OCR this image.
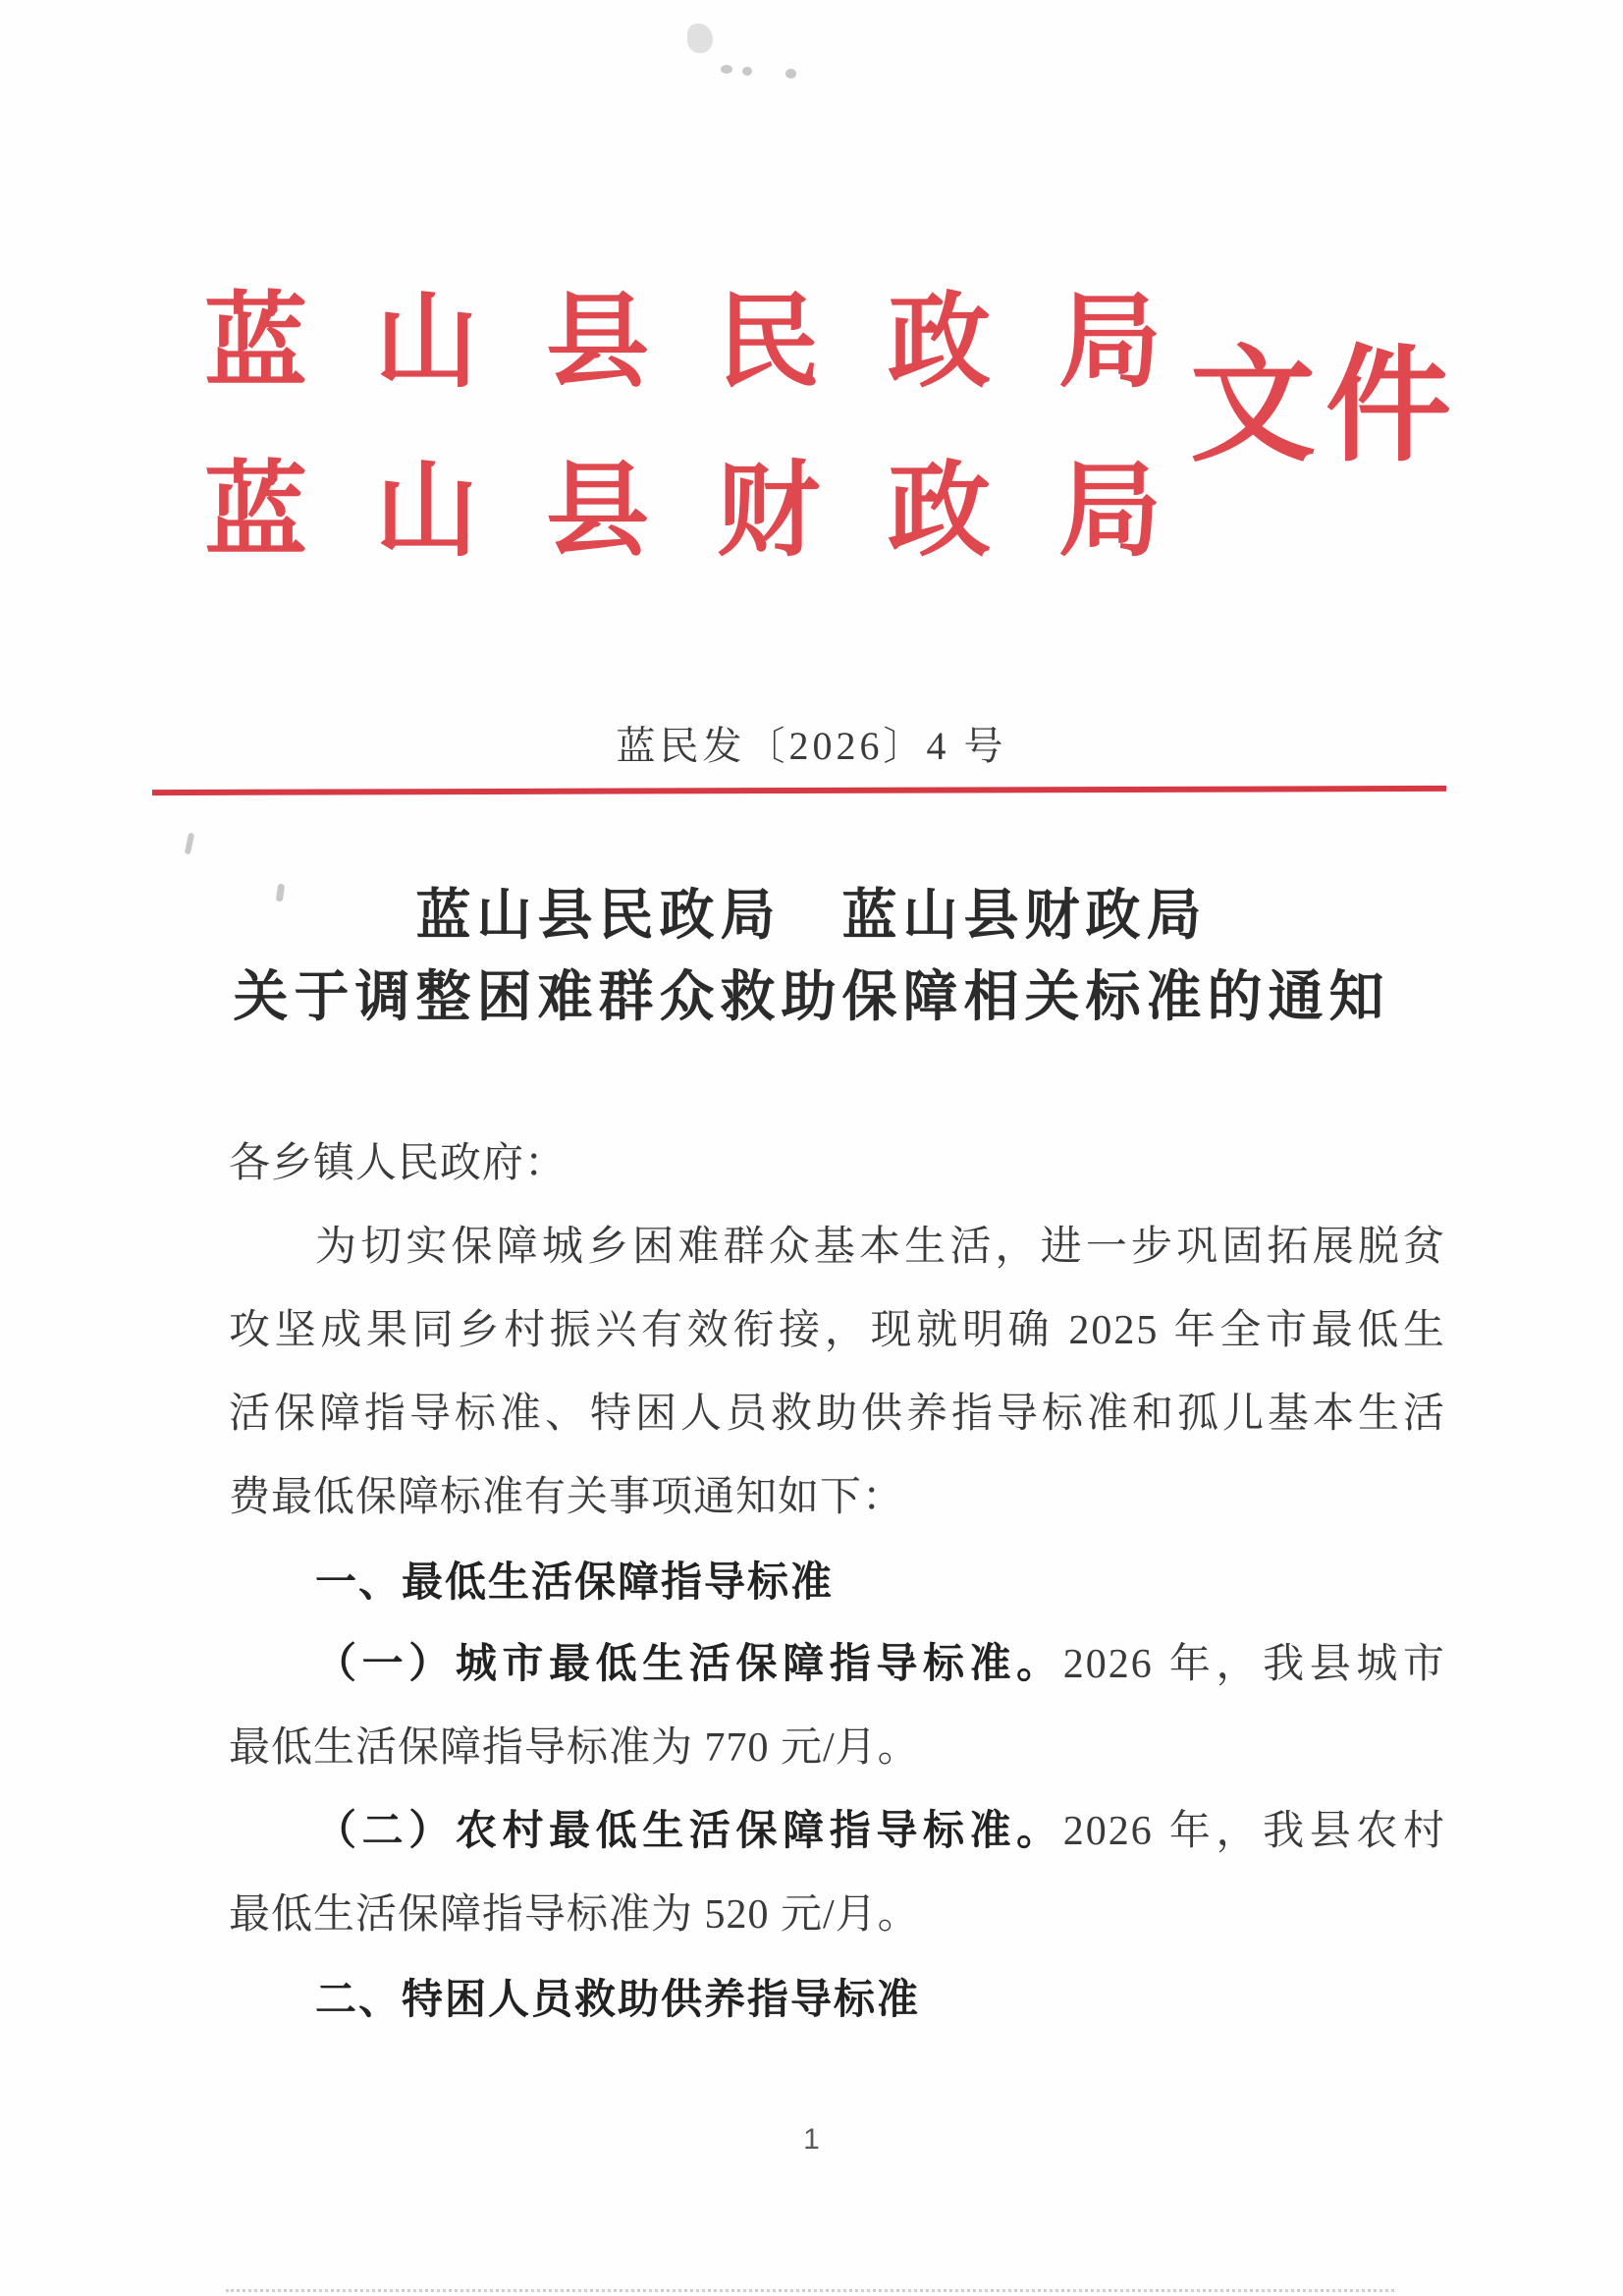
蓝山县民政局
蓝山县财政局
文件
蓝民发〔2026〕4 号
蓝山县民政局　蓝山县财政局
关于调整困难群众救助保障相关标准的通知
各乡镇人民政府：
为切实保障城乡困难群众基本生活，进一步巩固拓展脱贫
攻坚成果同乡村振兴有效衔接，现就明确 2025 年全市最低生
活保障指导标准、特困人员救助供养指导标准和孤儿基本生活
费最低保障标准有关事项通知如下：
一、最低生活保障指导标准
（一）城市最低生活保障指导标准。2026 年，我县城市
最低生活保障指导标准为 770 元/月。
（二）农村最低生活保障指导标准。2026 年，我县农村
最低生活保障指导标准为 520 元/月。
二、特困人员救助供养指导标准
1
